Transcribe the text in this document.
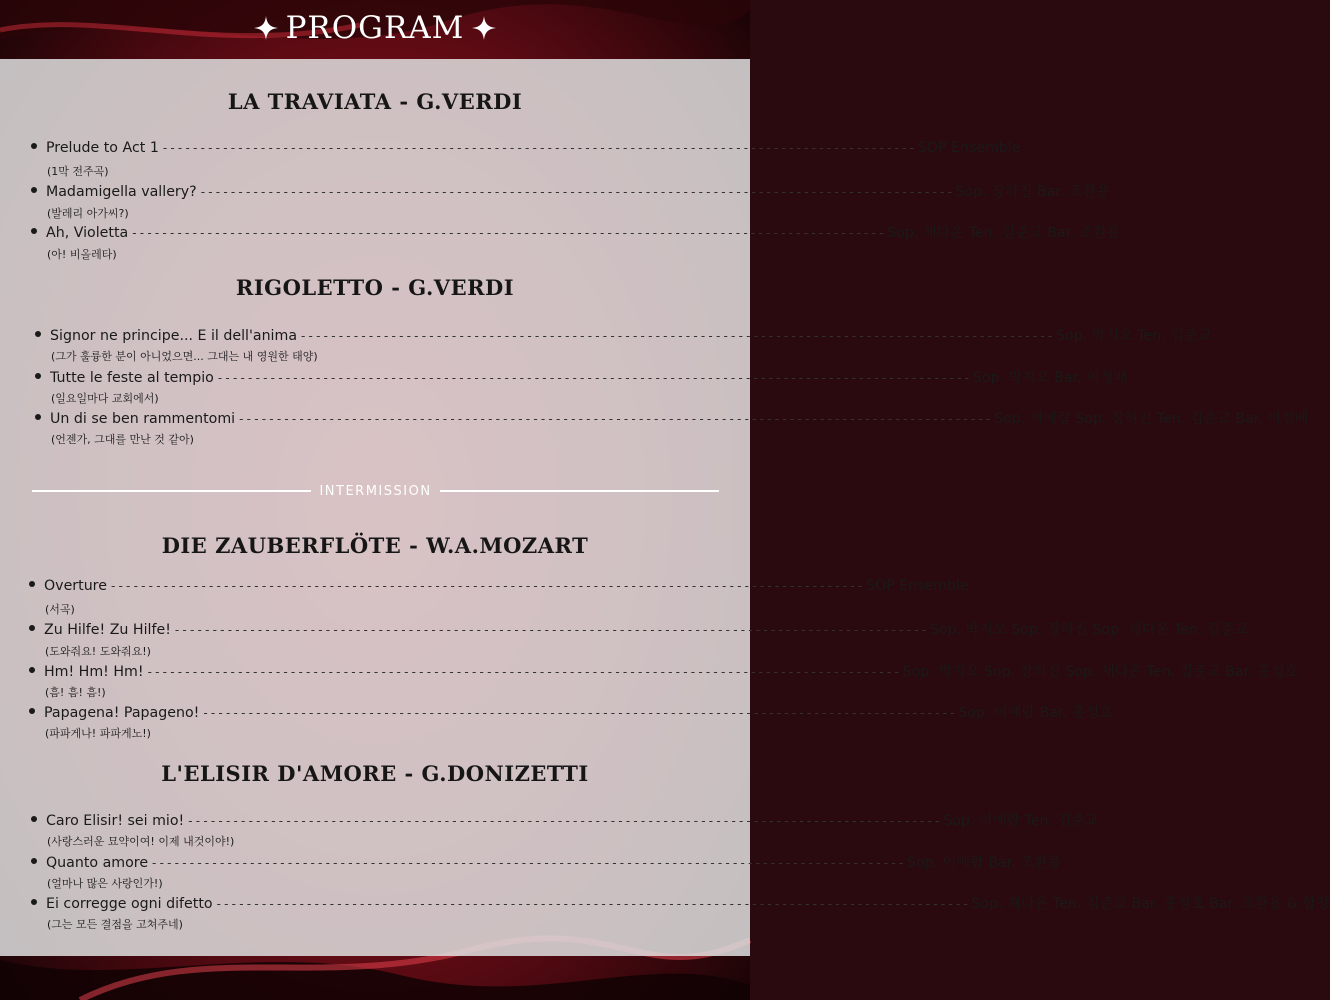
PROGRAM
LA TRAVIATA - G.VERDI
Prelude to Act 1 - - - - - - - - - - - - - - - - - - - - - - - - - - - - - - - - - - - - - - - - - - - - - - - - - - - - - - - - - - - - - - - - - - - - - - - - - - - - - - - - - - - - - - - - - - - - - - - - - - - - SOP Ensemble
(1막 전주곡)
Madamigella vallery? - - - - - - - - - - - - - - - - - - - - - - - - - - - - - - - - - - - - - - - - - - - - - - - - - - - - - - - - - - - - - - - - - - - - - - - - - - - - - - - - - - - - - - - - - - - - - - - - - - - - Sop. 장하진 Bar. 조환용
(발레리 아가씨?)
Ah, Violetta - - - - - - - - - - - - - - - - - - - - - - - - - - - - - - - - - - - - - - - - - - - - - - - - - - - - - - - - - - - - - - - - - - - - - - - - - - - - - - - - - - - - - - - - - - - - - - - - - - - - Sop. 채다온 Ten. 김준교 Bar. 조환용
(아! 비올레타)
RIGOLETTO - G.VERDI
Signor ne principe... E il dell'anima - - - - - - - - - - - - - - - - - - - - - - - - - - - - - - - - - - - - - - - - - - - - - - - - - - - - - - - - - - - - - - - - - - - - - - - - - - - - - - - - - - - - - - - - - - - - - - - - - - - - Sop. 박지오 Ten. 김준교
(그가 훌륭한 분이 아니었으면... 그대는 내 영원한 태양)
Tutte le feste al tempio - - - - - - - - - - - - - - - - - - - - - - - - - - - - - - - - - - - - - - - - - - - - - - - - - - - - - - - - - - - - - - - - - - - - - - - - - - - - - - - - - - - - - - - - - - - - - - - - - - - - Sop. 박지오 Bar. 이정배
(일요일마다 교회에서)
Un di se ben rammentomi - - - - - - - - - - - - - - - - - - - - - - - - - - - - - - - - - - - - - - - - - - - - - - - - - - - - - - - - - - - - - - - - - - - - - - - - - - - - - - - - - - - - - - - - - - - - - - - - - - - - Sop. 이예람 Sop. 장하진 Ten. 김준교 Bar. 이정배
(언젠가, 그대를 만난 것 같아)
INTERMISSION
DIE ZAUBERFLÖTE - W.A.MOZART
Overture - - - - - - - - - - - - - - - - - - - - - - - - - - - - - - - - - - - - - - - - - - - - - - - - - - - - - - - - - - - - - - - - - - - - - - - - - - - - - - - - - - - - - - - - - - - - - - - - - - - - SOP Ensemble
(서곡)
Zu Hilfe! Zu Hilfe! - - - - - - - - - - - - - - - - - - - - - - - - - - - - - - - - - - - - - - - - - - - - - - - - - - - - - - - - - - - - - - - - - - - - - - - - - - - - - - - - - - - - - - - - - - - - - - - - - - - - Sop. 박지오 Sop. 장하진 Sop. 채다온 Ten. 김준교
(도와줘요! 도와줘요!)
Hm! Hm! Hm! - - - - - - - - - - - - - - - - - - - - - - - - - - - - - - - - - - - - - - - - - - - - - - - - - - - - - - - - - - - - - - - - - - - - - - - - - - - - - - - - - - - - - - - - - - - - - - - - - - - - Sop. 박지오 Sop. 장하진 Sop. 채다온 Ten. 김준교 Bar. 홍성호
(흠! 흠! 흠!)
Papagena! Papageno! - - - - - - - - - - - - - - - - - - - - - - - - - - - - - - - - - - - - - - - - - - - - - - - - - - - - - - - - - - - - - - - - - - - - - - - - - - - - - - - - - - - - - - - - - - - - - - - - - - - - Sop. 이예람 Bar. 홍성호
(파파게나! 파파게노!)
L'ELISIR D'AMORE - G.DONIZETTI
Caro Elisir! sei mio! - - - - - - - - - - - - - - - - - - - - - - - - - - - - - - - - - - - - - - - - - - - - - - - - - - - - - - - - - - - - - - - - - - - - - - - - - - - - - - - - - - - - - - - - - - - - - - - - - - - - Sop. 이예람 Ten. 김준교
(사랑스러운 묘약이여! 이제 내것이야!)
Quanto amore - - - - - - - - - - - - - - - - - - - - - - - - - - - - - - - - - - - - - - - - - - - - - - - - - - - - - - - - - - - - - - - - - - - - - - - - - - - - - - - - - - - - - - - - - - - - - - - - - - - - Sop. 이예람 Bar. 조환용
(얼마나 많은 사랑인가!)
Ei corregge ogni difetto - - - - - - - - - - - - - - - - - - - - - - - - - - - - - - - - - - - - - - - - - - - - - - - - - - - - - - - - - - - - - - - - - - - - - - - - - - - - - - - - - - - - - - - - - - - - - - - - - - - - Sop. 채다온 Ten. 김준교 Bar. 홍성호 Bar. 조환용 & 합창
(그는 모든 결점을 고쳐주네)
